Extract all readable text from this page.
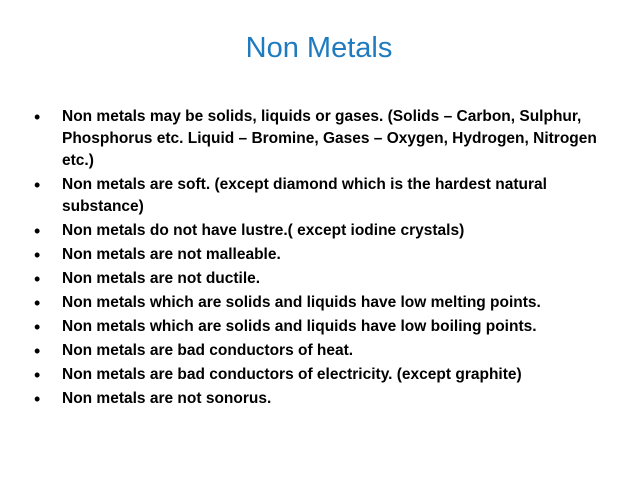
Non Metals
•	Non metals may be solids, liquids or gases. (Solids – Carbon, Sulphur, Phosphorus etc. Liquid – Bromine, Gases – Oxygen, Hydrogen, Nitrogen etc.)
•	Non metals are soft. (except diamond which is the hardest natural substance)
•	Non metals do not have lustre.( except iodine crystals)
•	Non metals are not malleable.
•	Non metals are not ductile.
•	Non metals which are solids and liquids have low melting points.
•	Non metals which are solids and liquids have low boiling points.
•	Non metals are bad conductors of heat.
•	Non metals are bad conductors of electricity. (except graphite)
•	Non metals are not sonorus.
